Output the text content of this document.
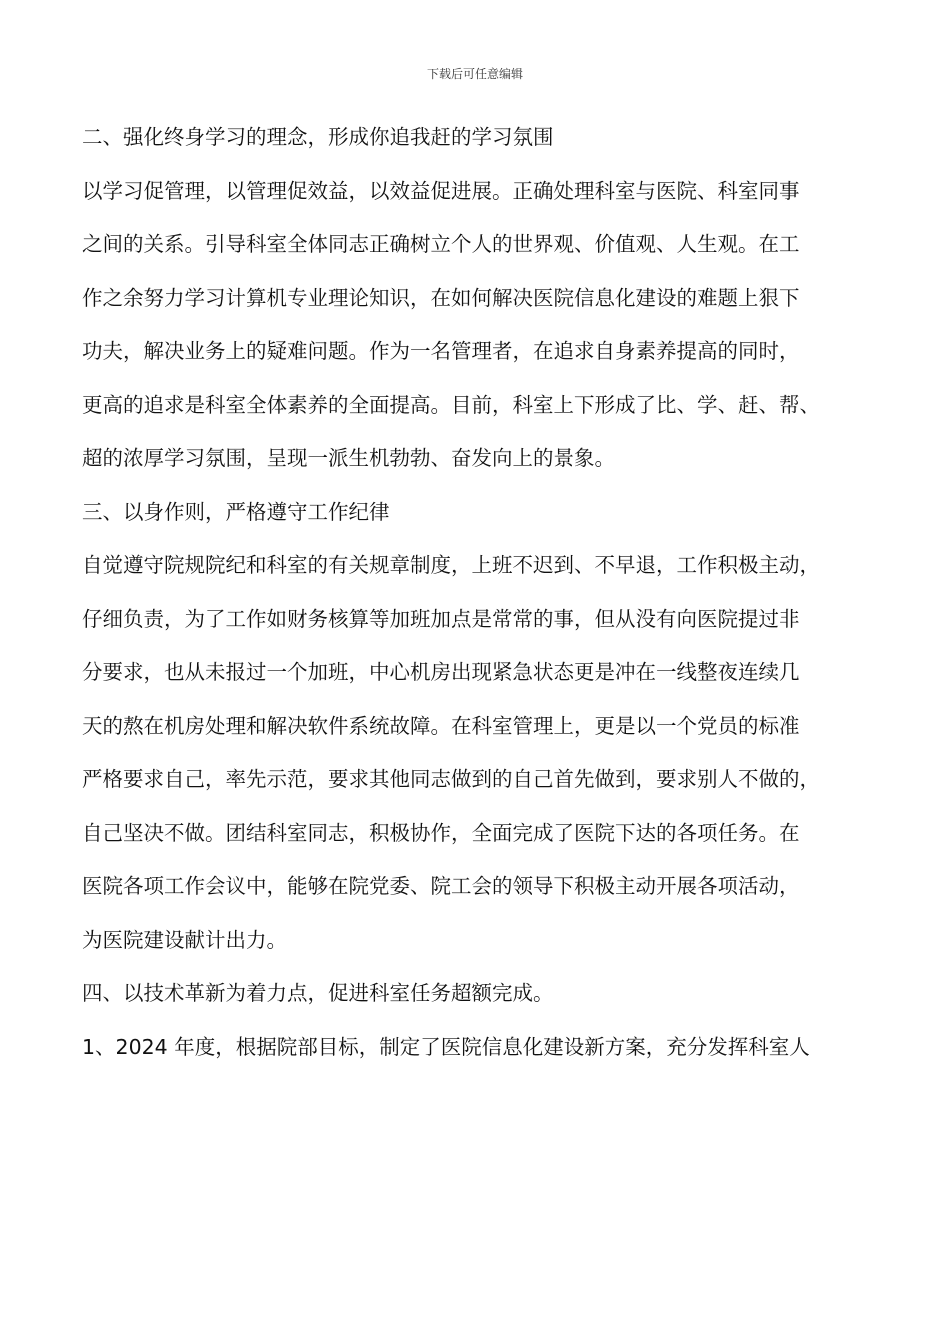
下载后可任意编辑
二、强化终身学习的理念，形成你追我赶的学习氛围
以学习促管理，以管理促效益，以效益促进展。正确处理科室与医院、科室同事
之间的关系。引导科室全体同志正确树立个人的世界观、价值观、人生观。在工
作之余努力学习计算机专业理论知识，在如何解决医院信息化建设的难题上狠下
功夫，解决业务上的疑难问题。作为一名管理者，在追求自身素养提高的同时，
更高的追求是科室全体素养的全面提高。目前，科室上下形成了比、学、赶、帮、
超的浓厚学习氛围，呈现一派生机勃勃、奋发向上的景象。
三、以身作则，严格遵守工作纪律
自觉遵守院规院纪和科室的有关规章制度，上班不迟到、不早退，工作积极主动，
仔细负责，为了工作如财务核算等加班加点是常常的事，但从没有向医院提过非
分要求，也从未报过一个加班，中心机房出现紧急状态更是冲在一线整夜连续几
天的熬在机房处理和解决软件系统故障。在科室管理上，更是以一个党员的标准
严格要求自己，率先示范，要求其他同志做到的自己首先做到，要求别人不做的，
自己坚决不做。团结科室同志，积极协作，全面完成了医院下达的各项任务。在
医院各项工作会议中，能够在院党委、院工会的领导下积极主动开展各项活动，
为医院建设献计出力。
四、以技术革新为着力点，促进科室任务超额完成。
1、2024 年度，根据院部目标，制定了医院信息化建设新方案，充分发挥科室人
